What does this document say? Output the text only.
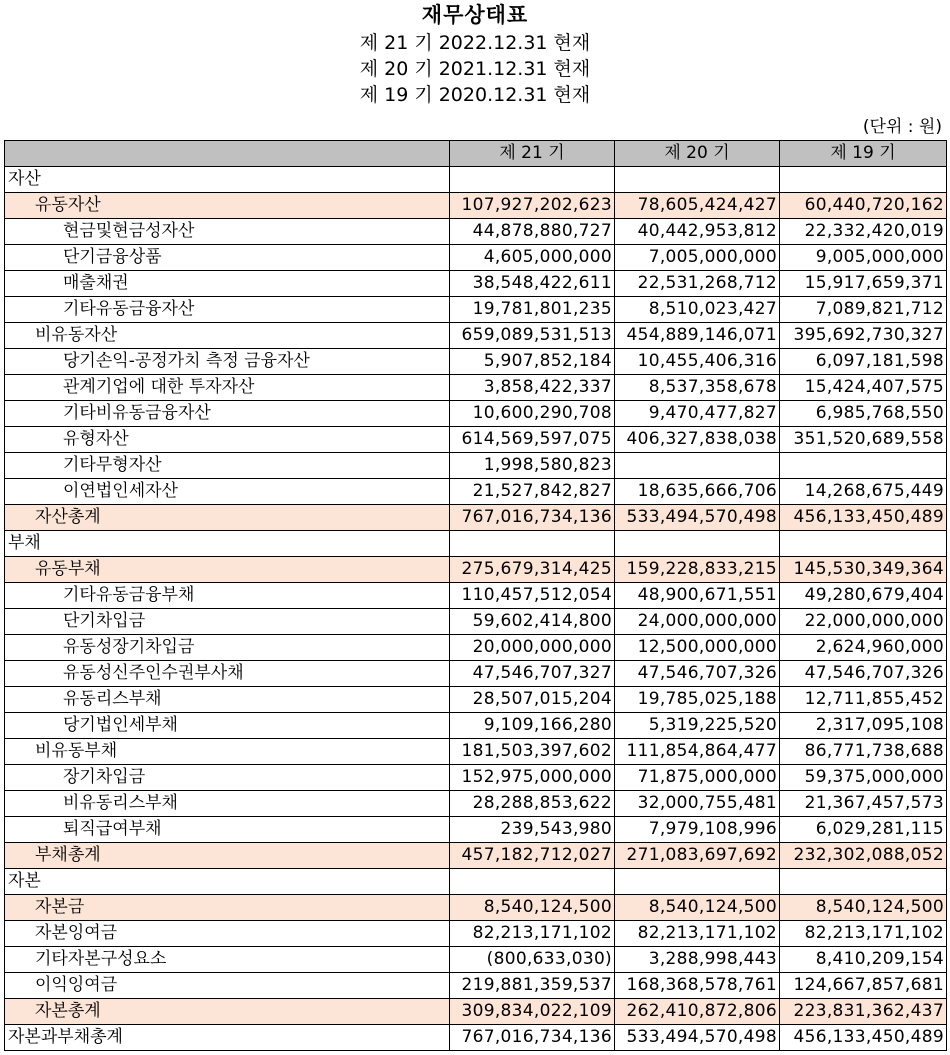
재무상태표
제 21 기 2022.12.31 현재
제 20 기 2021.12.31 현재
제 19 기 2020.12.31 현재
(단위 : 원)
	제 21 기	제 20 기	제 19 기
자산			
유동자산	107,927,202,623	78,605,424,427	60,440,720,162
현금및현금성자산	44,878,880,727	40,442,953,812	22,332,420,019
단기금융상품	4,605,000,000	7,005,000,000	9,005,000,000
매출채권	38,548,422,611	22,531,268,712	15,917,659,371
기타유동금융자산	19,781,801,235	8,510,023,427	7,089,821,712
비유동자산	659,089,531,513	454,889,146,071	395,692,730,327
당기손익-공정가치 측정 금융자산	5,907,852,184	10,455,406,316	6,097,181,598
관계기업에 대한 투자자산	3,858,422,337	8,537,358,678	15,424,407,575
기타비유동금융자산	10,600,290,708	9,470,477,827	6,985,768,550
유형자산	614,569,597,075	406,327,838,038	351,520,689,558
기타무형자산	1,998,580,823		
이연법인세자산	21,527,842,827	18,635,666,706	14,268,675,449
자산총계	767,016,734,136	533,494,570,498	456,133,450,489
부채			
유동부채	275,679,314,425	159,228,833,215	145,530,349,364
기타유동금융부채	110,457,512,054	48,900,671,551	49,280,679,404
단기차입금	59,602,414,800	24,000,000,000	22,000,000,000
유동성장기차입금	20,000,000,000	12,500,000,000	2,624,960,000
유동성신주인수권부사채	47,546,707,327	47,546,707,326	47,546,707,326
유동리스부채	28,507,015,204	19,785,025,188	12,711,855,452
당기법인세부채	9,109,166,280	5,319,225,520	2,317,095,108
비유동부채	181,503,397,602	111,854,864,477	86,771,738,688
장기차입금	152,975,000,000	71,875,000,000	59,375,000,000
비유동리스부채	28,288,853,622	32,000,755,481	21,367,457,573
퇴직급여부채	239,543,980	7,979,108,996	6,029,281,115
부채총계	457,182,712,027	271,083,697,692	232,302,088,052
자본			
자본금	8,540,124,500	8,540,124,500	8,540,124,500
자본잉여금	82,213,171,102	82,213,171,102	82,213,171,102
기타자본구성요소	(800,633,030)	3,288,998,443	8,410,209,154
이익잉여금	219,881,359,537	168,368,578,761	124,667,857,681
자본총계	309,834,022,109	262,410,872,806	223,831,362,437
자본과부채총계	767,016,734,136	533,494,570,498	456,133,450,489
